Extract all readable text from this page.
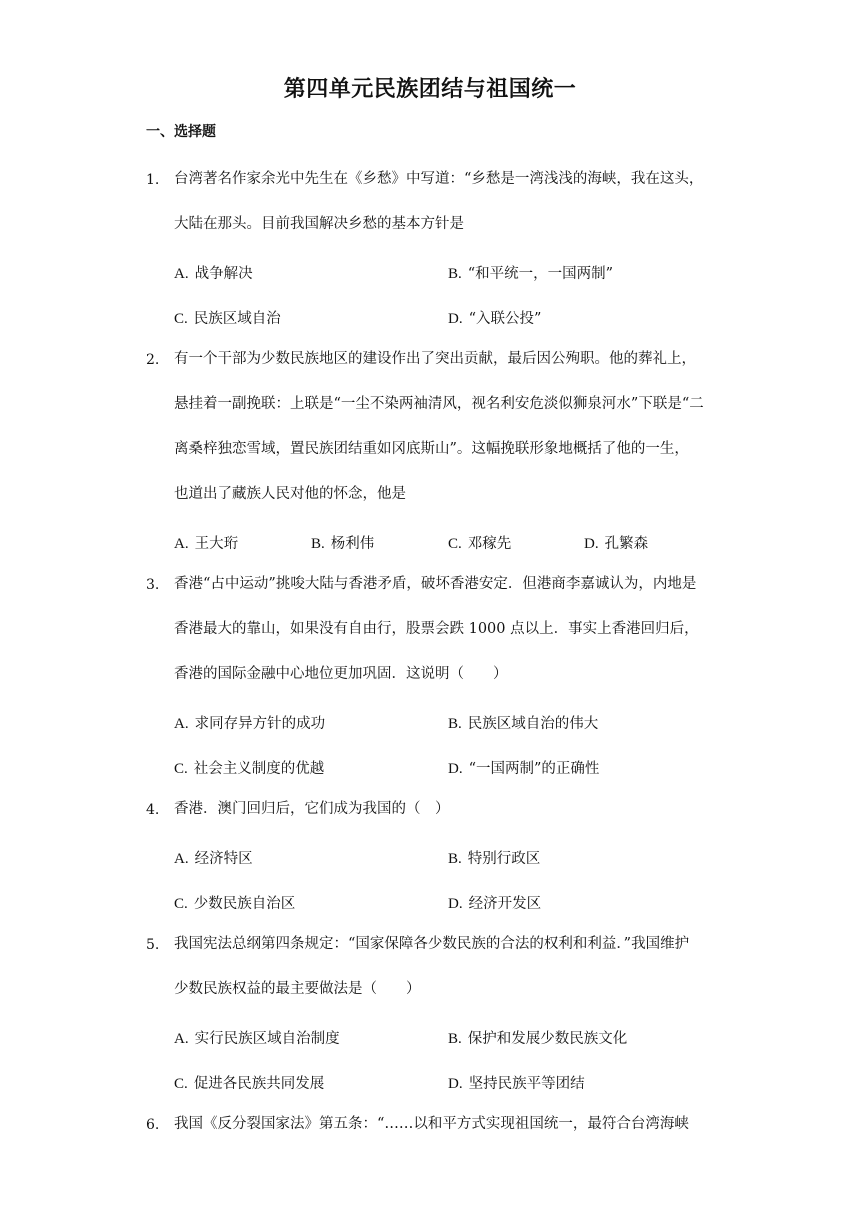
第四单元民族团结与祖国统一
一、选择题
1. 台湾著名作家余光中先生在《乡愁》中写道：“乡愁是一湾浅浅的海峡，我在这头，
大陆在那头。目前我国解决乡愁的基本方针是
A. 战争解决	B. “和平统一，一国两制”
C. 民族区域自治	D. “入联公投”
2. 有一个干部为少数民族地区的建设作出了突出贡献，最后因公殉职。他的葬礼上，
悬挂着一副挽联：上联是“一尘不染两袖清风，视名利安危淡似狮泉河水”下联是“二
离桑梓独恋雪域，置民族团结重如冈底斯山”。这幅挽联形象地概括了他的一生，
也道出了藏族人民对他的怀念，他是
A. 王大珩	B. 杨利伟	C. 邓稼先	D. 孔繁森
3. 香港“占中运动”挑唆大陆与香港矛盾，破坏香港安定．但港商李嘉诚认为，内地是
香港最大的靠山，如果没有自由行，股票会跌 1000 点以上．事实上香港回归后，
香港的国际金融中心地位更加巩固．这说明（　　）
A. 求同存异方针的成功	B. 民族区域自治的伟大
C. 社会主义制度的优越	D. “一国两制”的正确性
4. 香港．澳门回归后，它们成为我国的（　）
A. 经济特区	B. 特别行政区
C. 少数民族自治区	D. 经济开发区
5. 我国宪法总纲第四条规定：“国家保障各少数民族的合法的权利和利益．”我国维护
少数民族权益的最主要做法是（　　）
A. 实行民族区域自治制度	B. 保护和发展少数民族文化
C. 促进各民族共同发展	D. 坚持民族平等团结
6. 我国《反分裂国家法》第五条：“……以和平方式实现祖国统一，最符合台湾海峡
